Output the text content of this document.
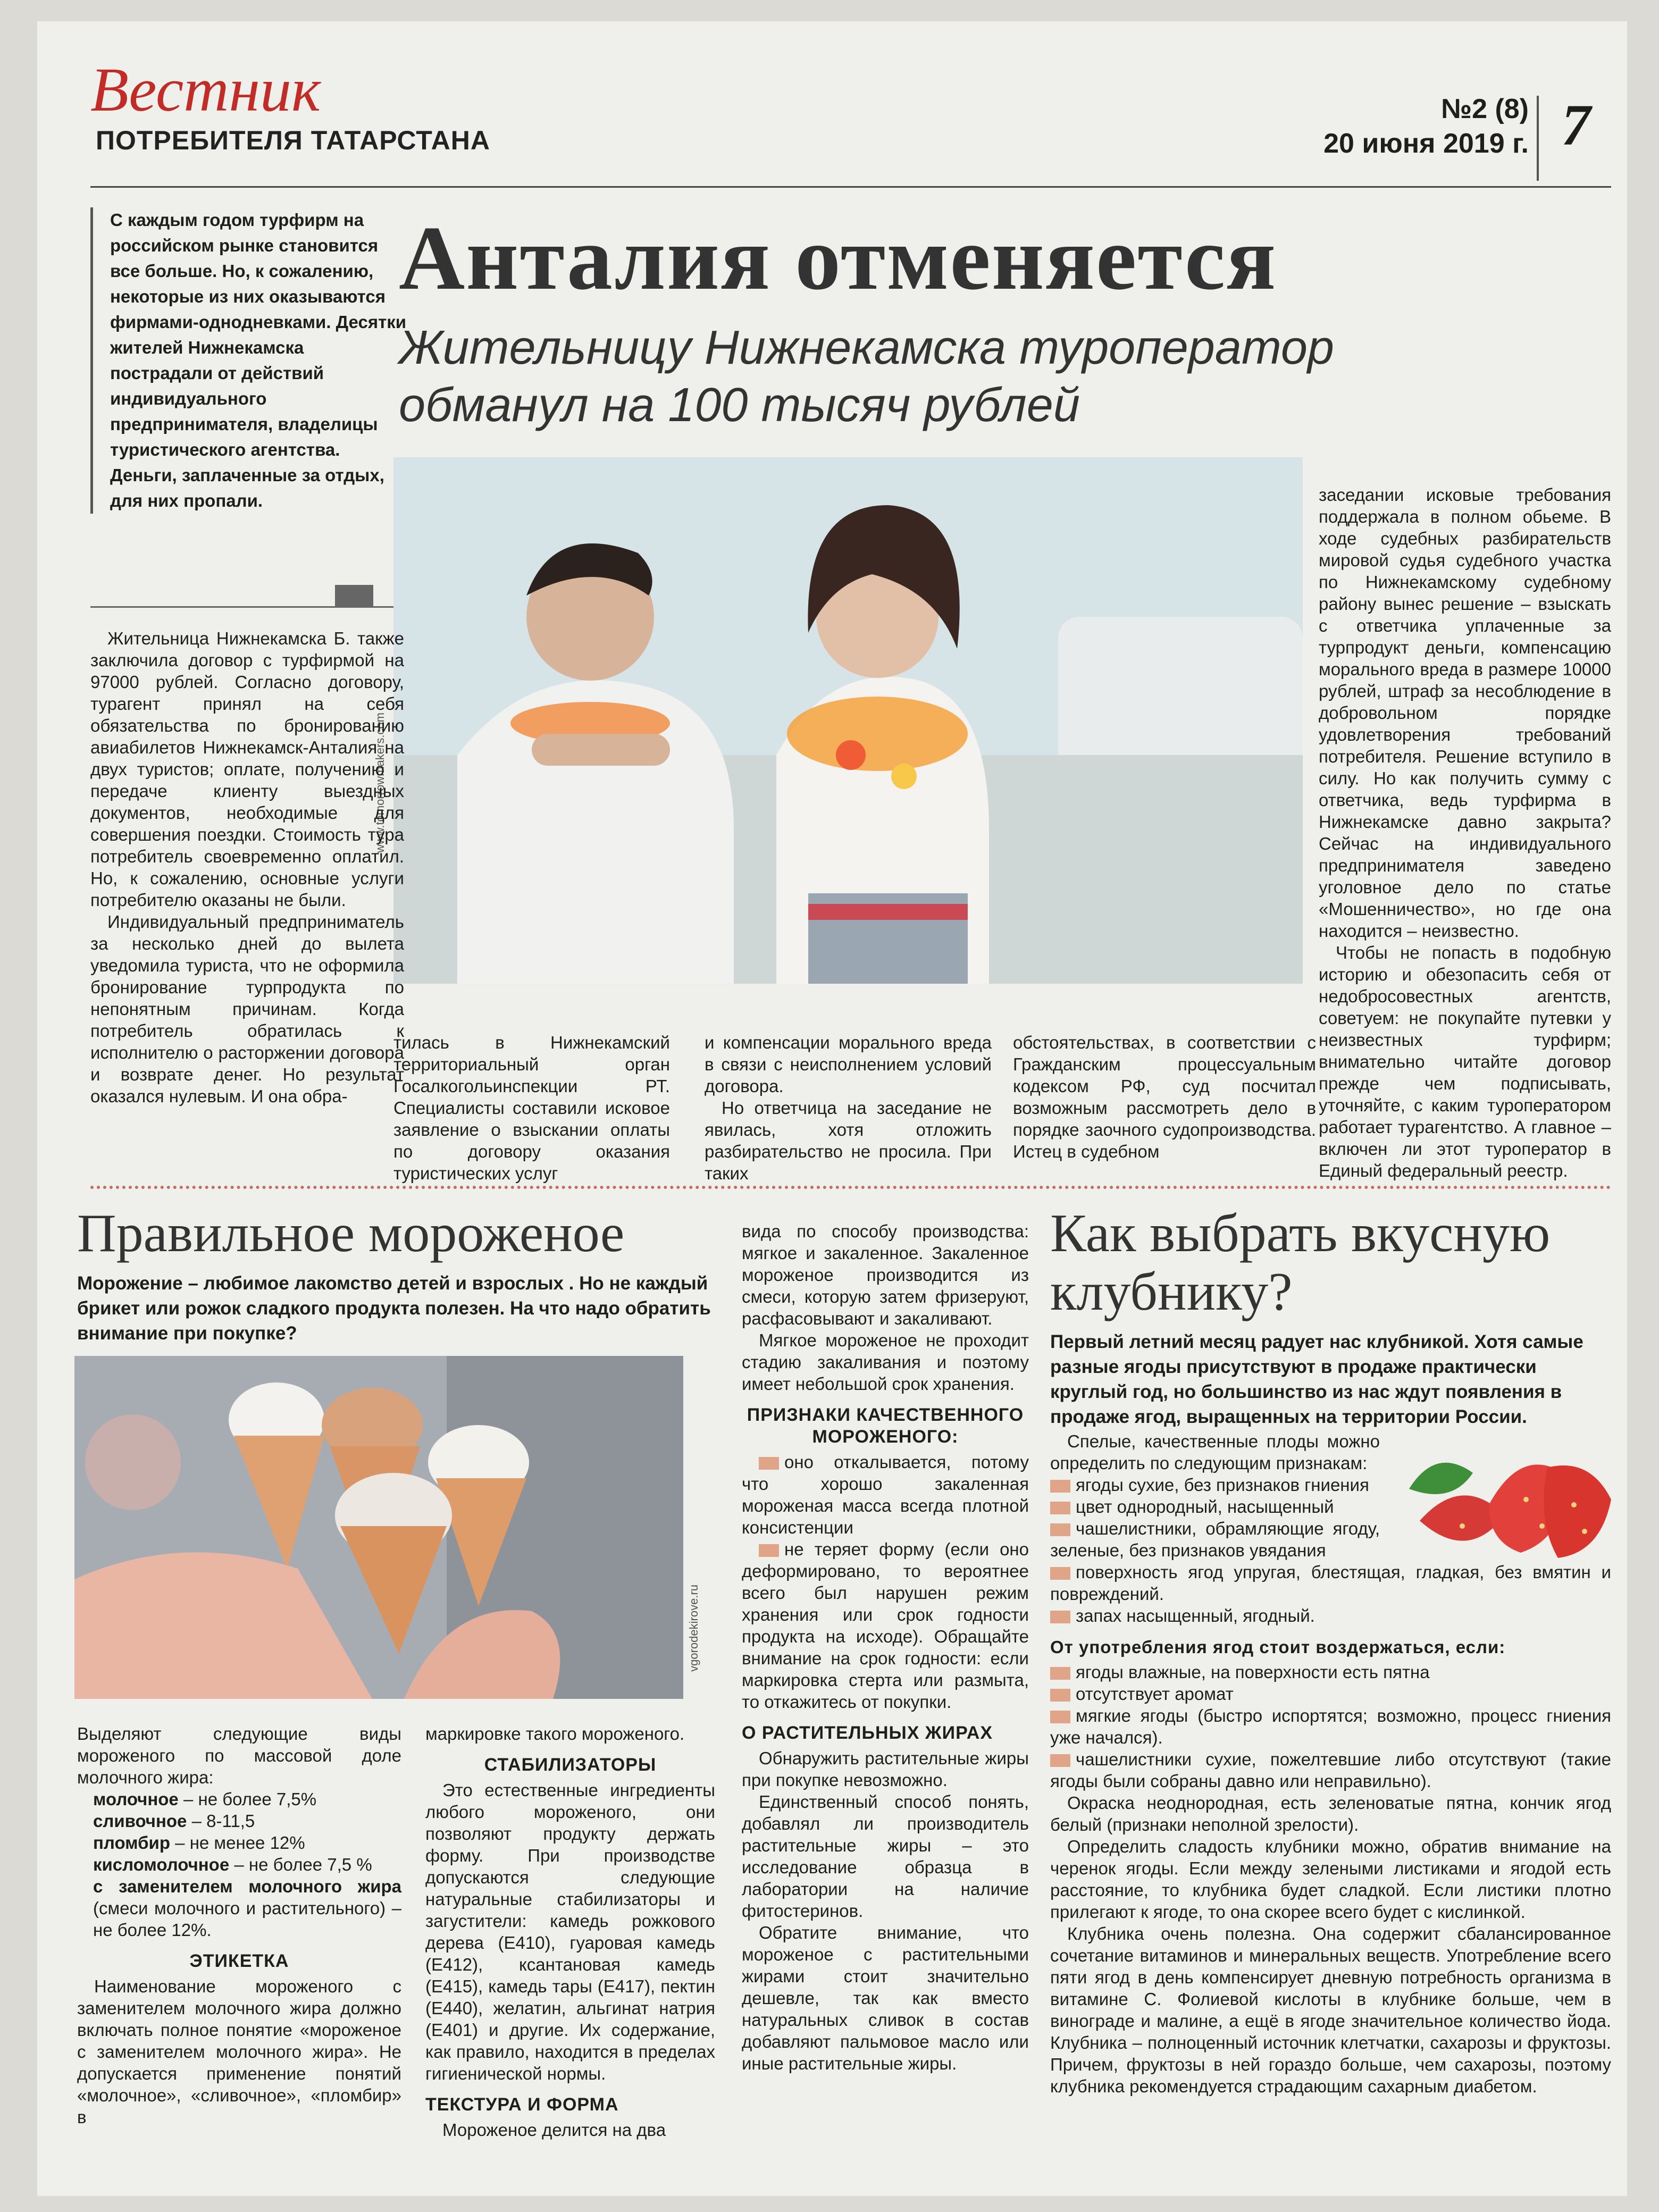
Вестник
ПОТРЕБИТЕЛЯ ТАТАРСТАНА
№2 (8)
20 июня 2019 г. 7
С каждым годом турфирм на российском рынке становится все больше. Но, к сожалению, некоторые из них оказываются фирмами-однодневками. Десятки жителей Нижнекамска пострадали от действий индивидуального предпринимателя, владелицы туристического агентства. Деньги, заплаченные за отдых, для них пропали.
Анталия отменяется
Жительницу Нижнекамска туроператор обманул на 100 тысяч рублей
www.tomorrowmakers.com

Жительница Нижнекамска Б. также заключила договор с турфирмой на 97000 рублей. Согласно договору, турагент принял на себя обязательства по бронированию авиабилетов Нижнекамск-Анталия на двух туристов; оплате, получению и передаче клиенту выездных документов, необходимые для совершения поездки. Стоимость тура потребитель своевременно оплатил. Но, к сожалению, основные услуги потребителю оказаны не были.

Индивидуальный предприниматель за несколько дней до вылета уведомила туриста, что не оформила бронирование турпродукта по непонятным причинам. Когда потребитель обратилась к исполнителю о расторжении договора и возврате денег. Но результат оказался нулевым. И она обра-

тилась в Нижнекамский территориальный орган Госалкогольинспекции РТ. Специалисты составили исковое заявление о взыскании оплаты по договору оказания туристических услуг

и компенсации морального вреда в связи с неисполнением условий договора.

Но ответчица на заседание не явилась, хотя отложить разбирательство не просила. При таких

обстоятельствах, в соответствии с Гражданским процессуальным кодексом РФ, суд посчитал возможным рассмотреть дело в порядке заочного судопроизводства. Истец в судебном

заседании исковые требования поддержала в полном обьеме. В ходе судебных разбирательств мировой судья судебного участка по Нижнекамскому судебному району вынес решение – взыскать с ответчика уплаченные за турпродукт деньги, компенсацию морального вреда в размере 10000 рублей, штраф за несоблюдение в добровольном порядке удовлетворения требований потребителя. Решение вступило в силу. Но как получить сумму с ответчика, ведь турфирма в Нижнекамске давно закрыта? Сейчас на индивидуального предпринимателя заведено уголовное дело по статье «Мошенничество», но где она находится – неизвестно.

Чтобы не попасть в подобную историю и обезопасить себя от недобросовестных агентств, советуем: не покупайте путевки у неизвестных турфирм; внимательно читайте договор прежде чем подписывать, уточняйте, с каким туроператором работает турагентство. А главное – включен ли этот туроператор в Единый федеральный реестр.

Правильное мороженое
Морожение – любимое лакомство детей и взрослых . Но не каждый брикет или рожок сладкого продукта полезен. На что надо обратить внимание при покупке?
vgorodekirove.ru

Выделяют следующие виды мороженого по массовой доле молочного жира:

молочное – не более 7,5%

сливочное – 8-11,5

пломбир – не менее 12%

кисломолочное – не более 7,5 %

с заменителем молочного жира (смеси молочного и растительного) – не более 12%.

ЭТИКЕТКА

Наименование мороженого с заменителем молочного жира должно включать полное понятие «мороженое с заменителем молочного жира». Не допускается применение понятий «молочное», «сливочное», «пломбир» в

маркировке такого мороженого.

СТАБИЛИЗАТОРЫ

Это естественные ингредиенты любого мороженого, они позволяют продукту держать форму. При производстве допускаются следующие натуральные стабилизаторы и загустители: камедь рожкового дерева (Е410), гуаровая камедь (Е412), ксантановая камедь (Е415), камедь тары (Е417), пектин (Е440), желатин, альгинат натрия (Е401) и другие. Их содержание, как правило, находится в пределах гигиенической нормы.

ТЕКСТУРА И ФОРМА

Мороженое делится на два

вида по способу производства: мягкое и закаленное. Закаленное мороженое производится из смеси, которую затем фризеруют, расфасовывают и закаливают.

Мягкое мороженое не проходит стадию закаливания и поэтому имеет небольшой срок хранения.

ПРИЗНАКИ КАЧЕСТВЕННОГО МОРОЖЕНОГО:

оно откалывается, потому что хорошо закаленная мороженая масса всегда плотной консистенции

не теряет форму (если оно деформировано, то вероятнее всего был нарушен режим хранения или срок годности продукта на исходе). Обращайте внимание на срок годности: если маркировка стерта или размыта, то откажитесь от покупки.

О РАСТИТЕЛЬНЫХ ЖИРАХ

Обнаружить растительные жиры при покупке невозможно.

Единственный способ понять, добавлял ли производитель растительные жиры – это исследование образца в лаборатории на наличие фитостеринов.

Обратите внимание, что мороженое с растительными жирами стоит значительно дешевле, так как вместо натуральных сливок в состав добавляют пальмовое масло или иные растительные жиры.

Как выбрать вкусную клубнику?
Первый летний месяц радует нас клубникой. Хотя самые разные ягоды присутствуют в продаже практически круглый год, но большинство из нас ждут появления в продаже ягод, выращенных на территории России.

Спелые, качественные плоды можно определить по следующим признакам:

ягоды сухие, без признаков гниения

цвет однородный, насыщенный

чашелистники, обрамляющие ягоду, зеленые, без признаков увядания

поверхность ягод упругая, блестящая, гладкая, без вмятин и повреждений.

запах насыщенный, ягодный.

От употребления ягод стоит воздержаться, если:

ягоды влажные, на поверхности есть пятна

отсутствует аромат

мягкие ягоды (быстро испортятся; возможно, процесс гниения уже начался).

чашелистники сухие, пожелтевшие либо отсутствуют (такие ягоды были собраны давно или неправильно).

Окраска неоднородная, есть зеленоватые пятна, кончик ягод белый (признаки неполной зрелости).

Определить сладость клубники можно, обратив внимание на черенок ягоды. Если между зелеными листиками и ягодой есть расстояние, то клубника будет сладкой. Если листики плотно прилегают к ягоде, то она скорее всего будет с кислинкой.

Клубника очень полезна. Она содержит сбалансированное сочетание витаминов и минеральных веществ. Употребление всего пяти ягод в день компенсирует дневную потребность организма в витамине С. Фолиевой кислоты в клубнике больше, чем в винограде и малине, а ещё в ягоде значительное количество йода. Клубника – полноценный источник клетчатки, сахарозы и фруктозы. Причем, фруктозы в ней гораздо больше, чем сахарозы, поэтому клубника рекомендуется страдающим сахарным диабетом.
